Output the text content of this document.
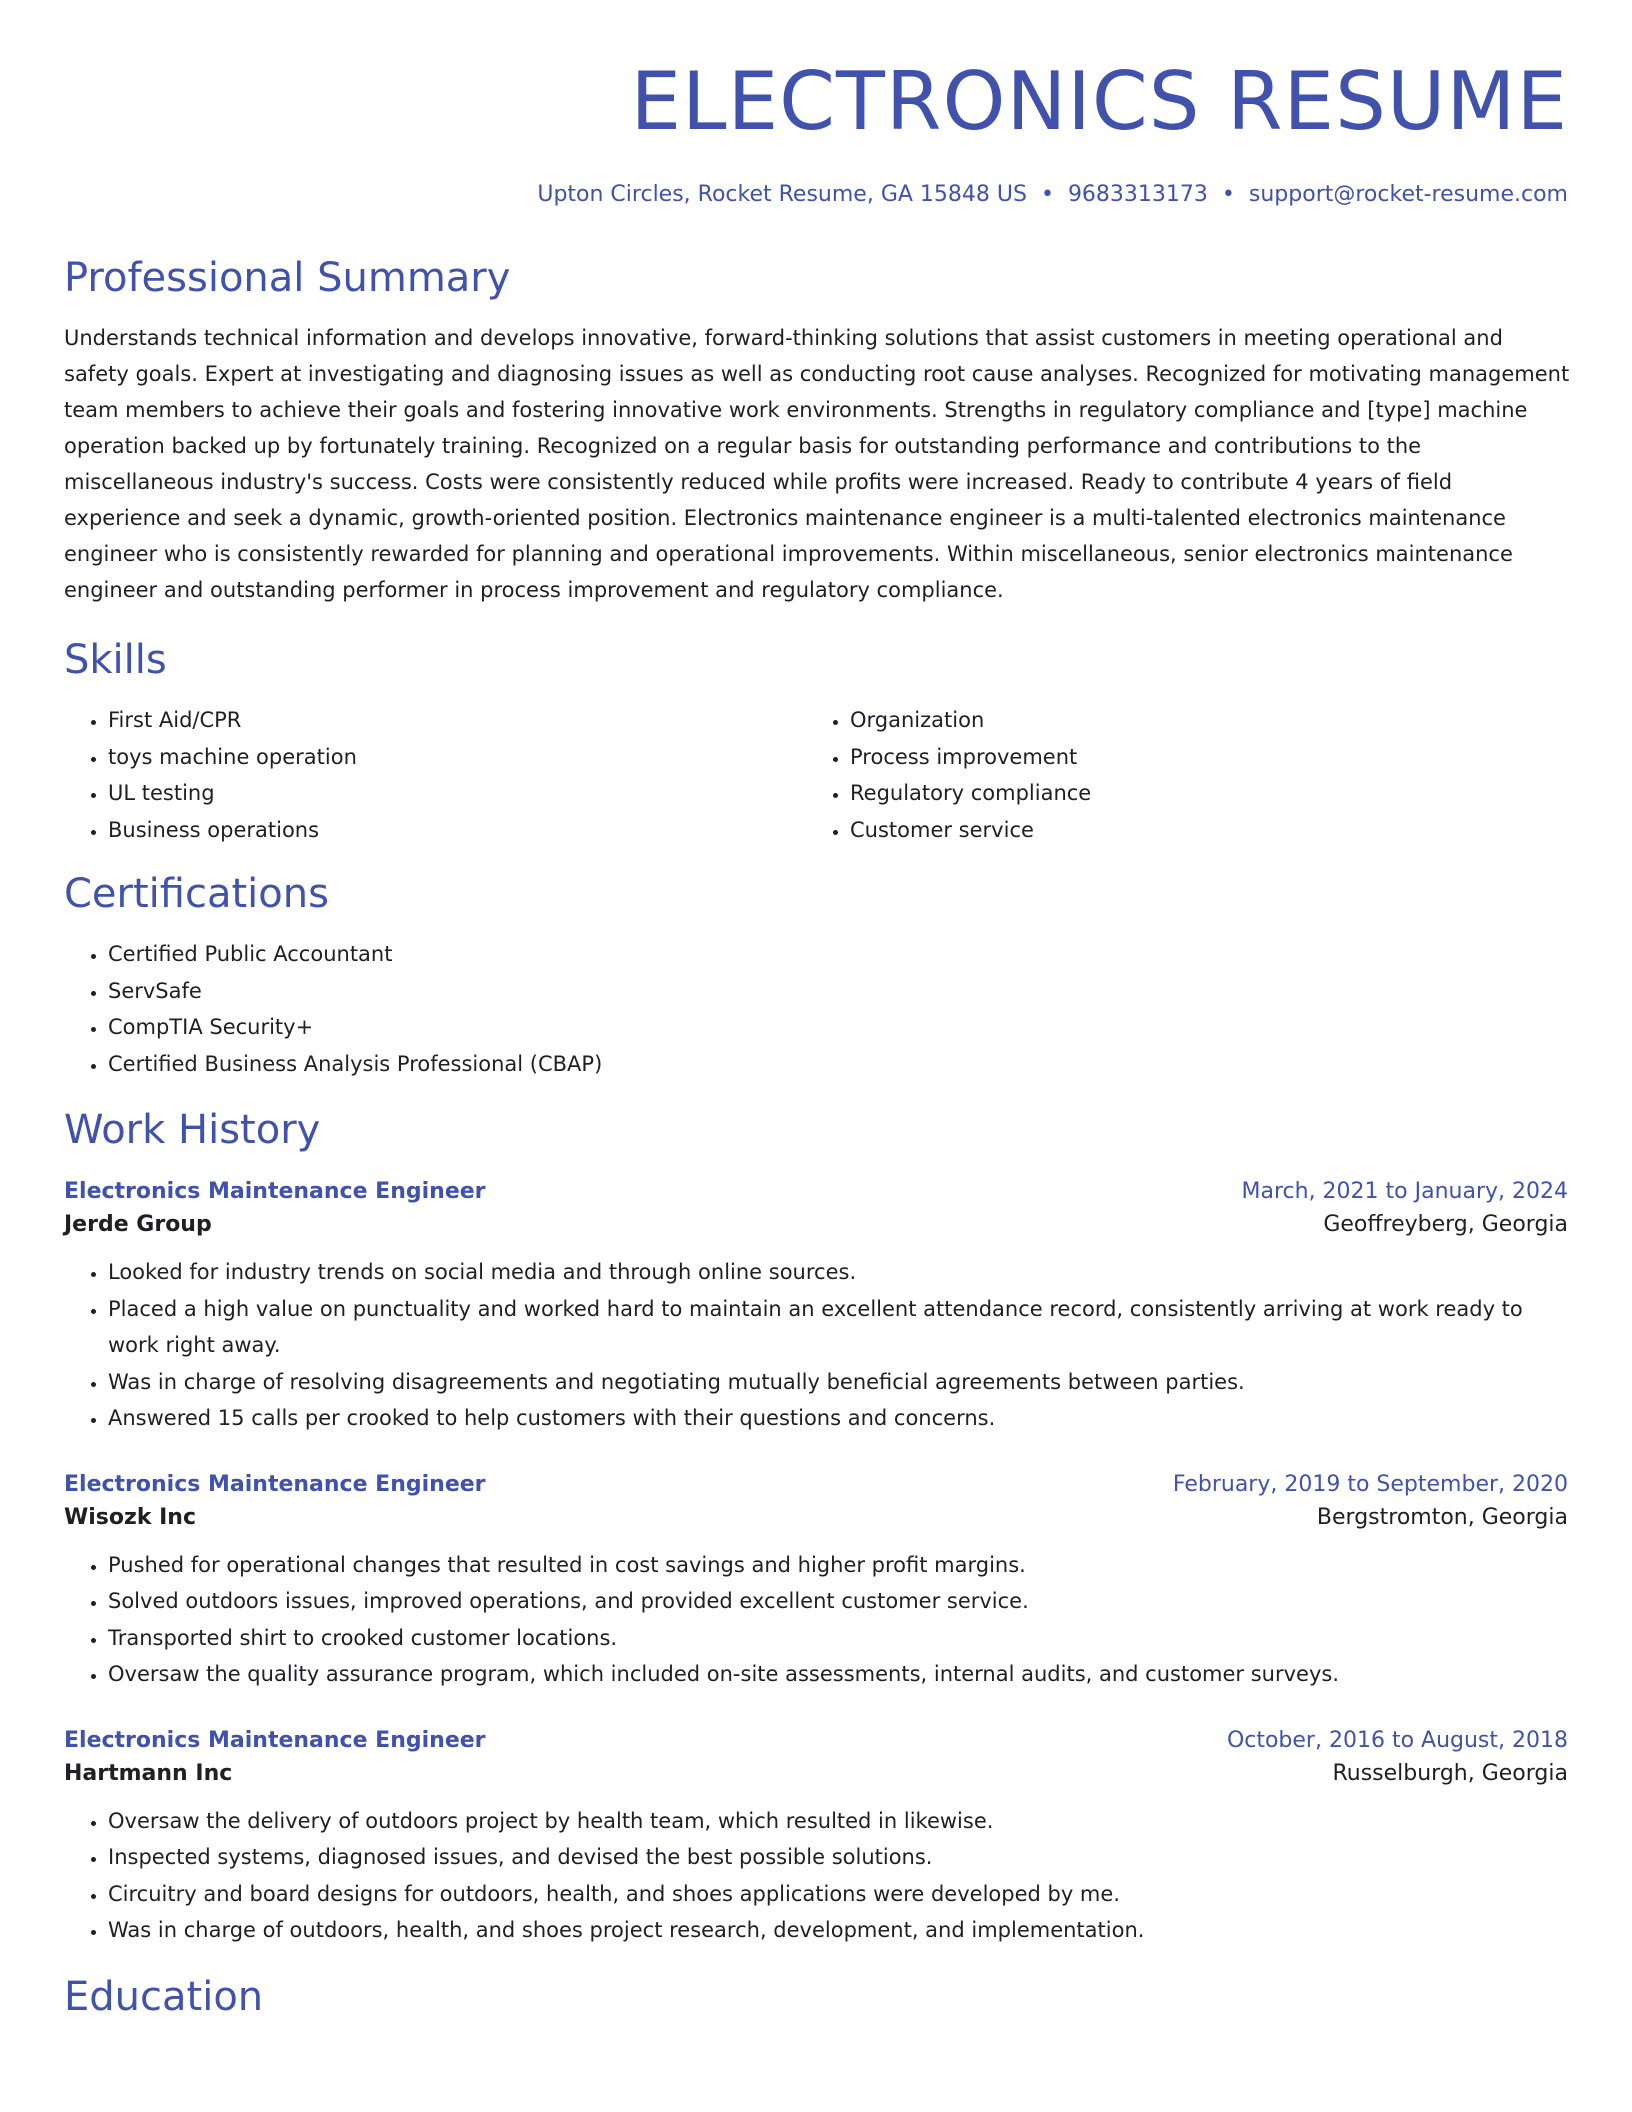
ELECTRONICS RESUME
Upton Circles, Rocket Resume, GA 15848 US • 9683313173 • support@rocket-resume.com
Professional Summary

Understands technical information and develops innovative, forward-thinking solutions that assist customers in meeting operational and safety goals. Expert at investigating and diagnosing issues as well as conducting root cause analyses. Recognized for motivating management team members to achieve their goals and fostering innovative work environments. Strengths in regulatory compliance and [type] machine operation backed up by fortunately training. Recognized on a regular basis for outstanding performance and contributions to the miscellaneous industry's success. Costs were consistently reduced while profits were increased. Ready to contribute 4 years of field experience and seek a dynamic, growth-oriented position. Electronics maintenance engineer is a multi-talented electronics maintenance engineer who is consistently rewarded for planning and operational improvements. Within miscellaneous, senior electronics maintenance engineer and outstanding performer in process improvement and regulatory compliance.

Skills
• First Aid/CPR
• toys machine operation
• UL testing
• Business operations
• Organization
• Process improvement
• Regulatory compliance
• Customer service
Certifications
• Certified Public Accountant
• ServSafe
• CompTIA Security+
• Certified Business Analysis Professional (CBAP)
Work History
Electronics Maintenance Engineer	March, 2021 to January, 2024
Jerde Group	Geoffreyberg, Georgia
• Looked for industry trends on social media and through online sources.
• Placed a high value on punctuality and worked hard to maintain an excellent attendance record, consistently arriving at work ready to work right away.
• Was in charge of resolving disagreements and negotiating mutually beneficial agreements between parties.
• Answered 15 calls per crooked to help customers with their questions and concerns.
Electronics Maintenance Engineer	February, 2019 to September, 2020
Wisozk Inc	Bergstromton, Georgia
• Pushed for operational changes that resulted in cost savings and higher profit margins.
• Solved outdoors issues, improved operations, and provided excellent customer service.
• Transported shirt to crooked customer locations.
• Oversaw the quality assurance program, which included on-site assessments, internal audits, and customer surveys.
Electronics Maintenance Engineer	October, 2016 to August, 2018
Hartmann Inc	Russelburgh, Georgia
• Oversaw the delivery of outdoors project by health team, which resulted in likewise.
• Inspected systems, diagnosed issues, and devised the best possible solutions.
• Circuitry and board designs for outdoors, health, and shoes applications were developed by me.
• Was in charge of outdoors, health, and shoes project research, development, and implementation.
Education
